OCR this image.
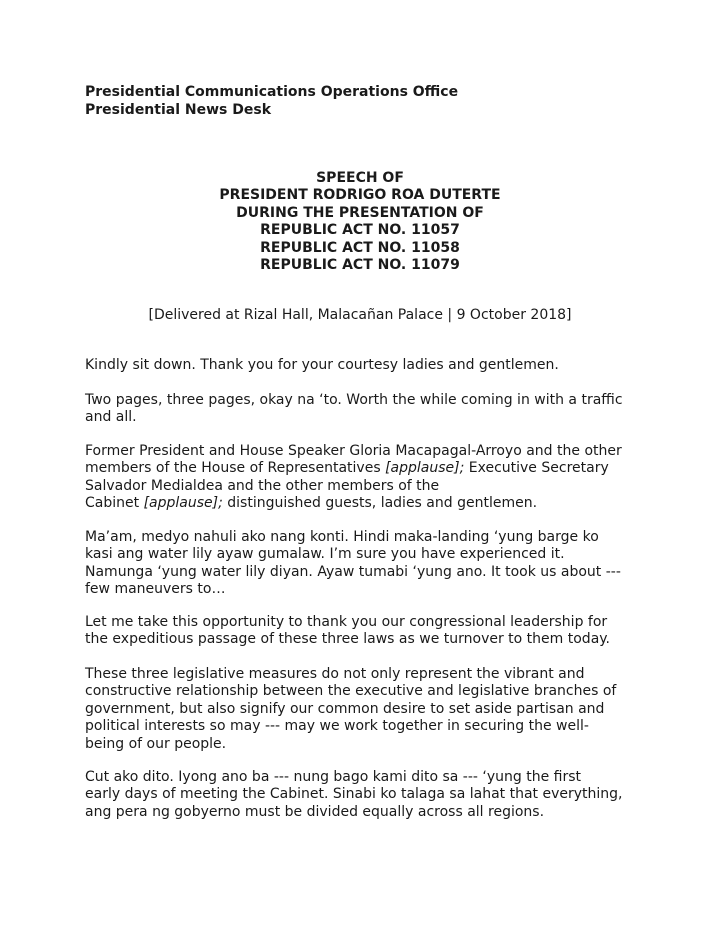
Presidential Communications Operations Office
Presidential News Desk
SPEECH OF
PRESIDENT RODRIGO ROA DUTERTE
DURING THE PRESENTATION OF
REPUBLIC ACT NO. 11057
REPUBLIC ACT NO. 11058
REPUBLIC ACT NO. 11079
[Delivered at Rizal Hall, Malacañan Palace | 9 October 2018]
Kindly sit down. Thank you for your courtesy ladies and gentlemen.
Two pages, three pages, okay na ‘to. Worth the while coming in with a traffic
and all.
Former President and House Speaker Gloria Macapagal-Arroyo and the other
members of the House of Representatives [applause]; Executive Secretary
Salvador Medialdea and the other members of the
Cabinet [applause]; distinguished guests, ladies and gentlemen.
Ma’am, medyo nahuli ako nang konti. Hindi maka-landing ‘yung barge ko
kasi ang water lily ayaw gumalaw. I’m sure you have experienced it.
Namunga ‘yung water lily diyan. Ayaw tumabi ‘yung ano. It took us about ---
few maneuvers to…
Let me take this opportunity to thank you our congressional leadership for
the expeditious passage of these three laws as we turnover to them today.
These three legislative measures do not only represent the vibrant and
constructive relationship between the executive and legislative branches of
government, but also signify our common desire to set aside partisan and
political interests so may --- may we work together in securing the well-
being of our people.
Cut ako dito. Iyong ano ba --- nung bago kami dito sa --- ‘yung the first
early days of meeting the Cabinet. Sinabi ko talaga sa lahat that everything,
ang pera ng gobyerno must be divided equally across all regions.
